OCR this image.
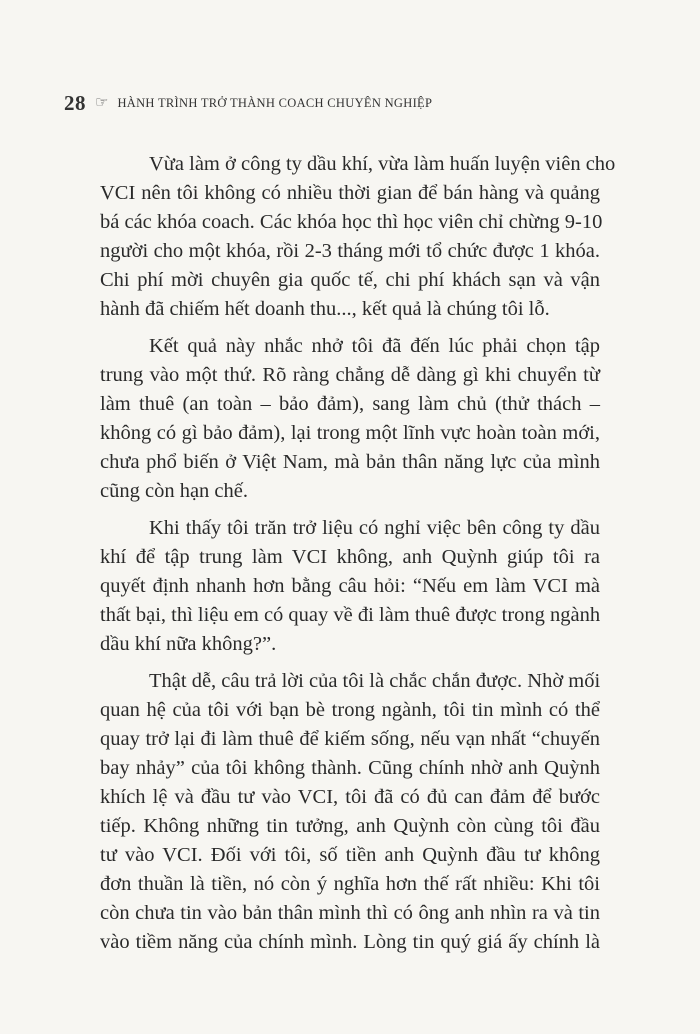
28 ☞ HÀNH TRÌNH TRỞ THÀNH COACH CHUYÊN NGHIỆP
Vừa làm ở công ty dầu khí, vừa làm huấn luyện viên cho
VCI nên tôi không có nhiều thời gian để bán hàng và quảng
bá các khóa coach. Các khóa học thì học viên chỉ chừng 9-10
người cho một khóa, rồi 2-3 tháng mới tổ chức được 1 khóa.
Chi phí mời chuyên gia quốc tế, chi phí khách sạn và vận
hành đã chiếm hết doanh thu..., kết quả là chúng tôi lỗ.
Kết quả này nhắc nhở tôi đã đến lúc phải chọn tập
trung vào một thứ. Rõ ràng chẳng dễ dàng gì khi chuyển từ
làm thuê (an toàn – bảo đảm), sang làm chủ (thử thách –
không có gì bảo đảm), lại trong một lĩnh vực hoàn toàn mới,
chưa phổ biến ở Việt Nam, mà bản thân năng lực của mình
cũng còn hạn chế.
Khi thấy tôi trăn trở liệu có nghỉ việc bên công ty dầu
khí để tập trung làm VCI không, anh Quỳnh giúp tôi ra
quyết định nhanh hơn bằng câu hỏi: “Nếu em làm VCI mà
thất bại, thì liệu em có quay về đi làm thuê được trong ngành
dầu khí nữa không?”.
Thật dễ, câu trả lời của tôi là chắc chắn được. Nhờ mối
quan hệ của tôi với bạn bè trong ngành, tôi tin mình có thể
quay trở lại đi làm thuê để kiếm sống, nếu vạn nhất “chuyến
bay nhảy” của tôi không thành. Cũng chính nhờ anh Quỳnh
khích lệ và đầu tư vào VCI, tôi đã có đủ can đảm để bước
tiếp. Không những tin tưởng, anh Quỳnh còn cùng tôi đầu
tư vào VCI. Đối với tôi, số tiền anh Quỳnh đầu tư không
đơn thuần là tiền, nó còn ý nghĩa hơn thế rất nhiều: Khi tôi
còn chưa tin vào bản thân mình thì có ông anh nhìn ra và tin
vào tiềm năng của chính mình. Lòng tin quý giá ấy chính là
